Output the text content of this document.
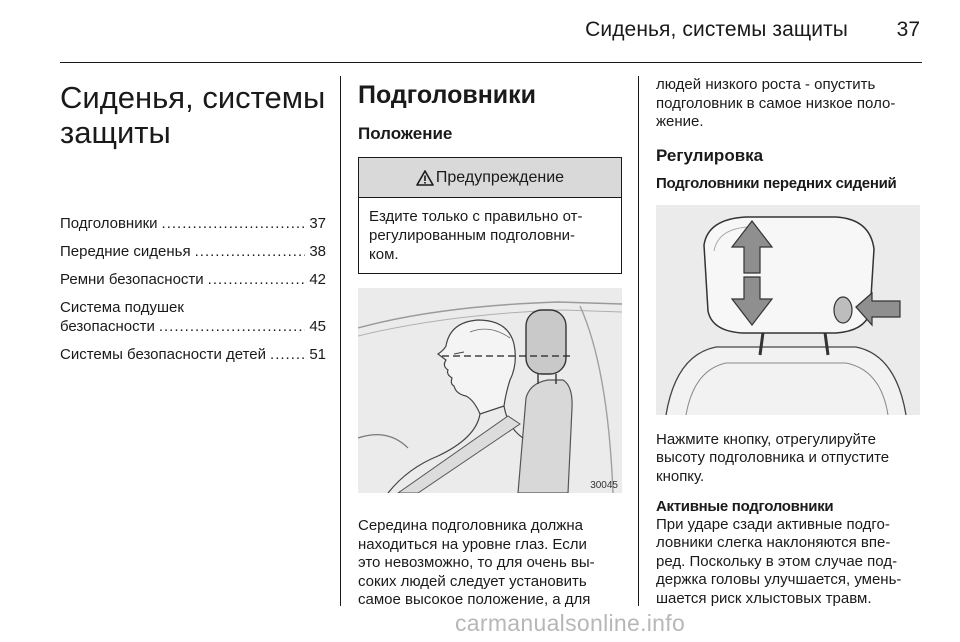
Сиденья, системы защиты 37
Сиденья, системы
защиты
Подголовники .....	37
Передние сиденья .....	38
Ремни безопасности .....	42
Система подушек
безопасности .....	45
Системы безопасности детей .....	51
Подголовники
Положение
Предупреждение
Ездите только с правильно от-
регулированным подголовни-
ком.
30045

Середина подголовника должна
находиться на уровне глаз. Если
это невозможно, то для очень вы-
соких людей следует установить
самое высокое положение, а для

людей низкого роста - опустить
подголовник в самое низкое поло-
жение.

Регулировка
Подголовники передних сидений

Нажмите кнопку, отрегулируйте
высоту подголовника и отпустите
кнопку.

Активные подголовники

При ударе сзади активные подго-
ловники слегка наклоняются впе-
ред. Поскольку в этом случае под-
держка головы улучшается, умень-
шается риск хлыстовых травм.

carmanualsonline.info
